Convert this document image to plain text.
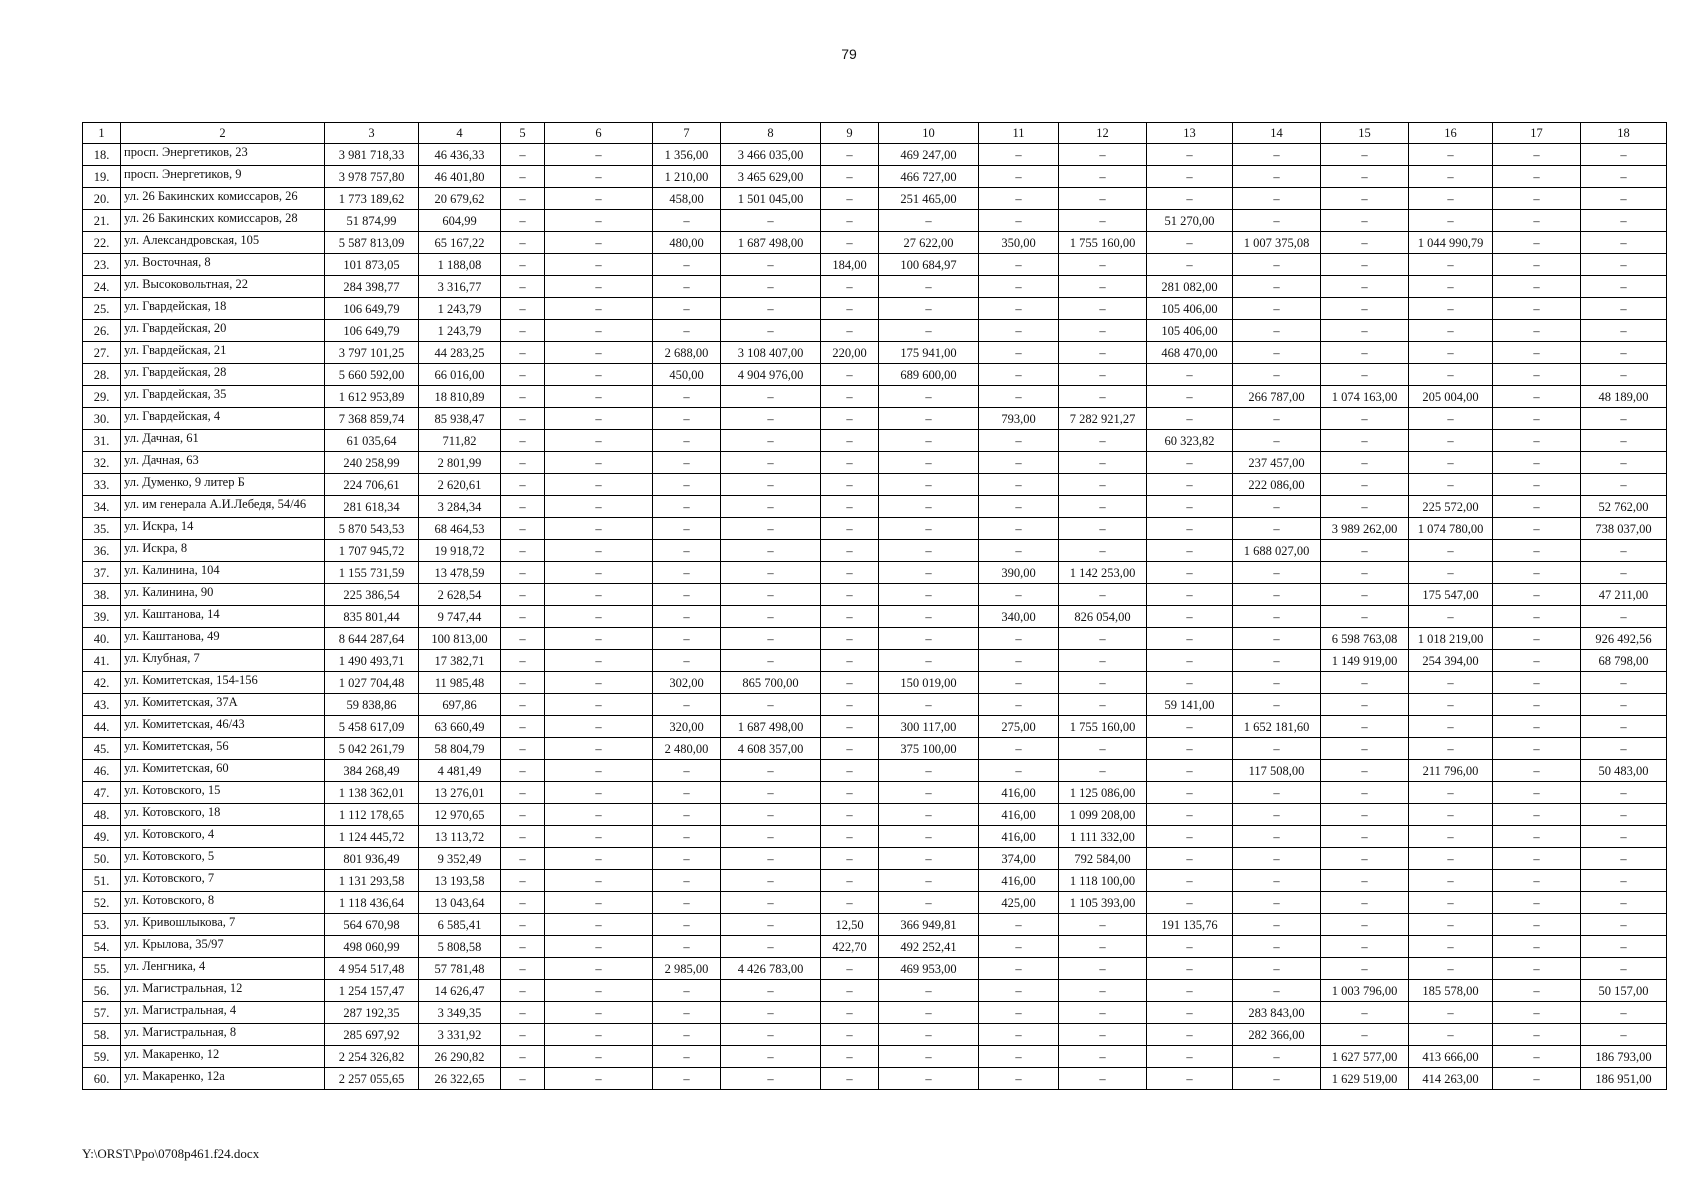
79
1	2	3	4	5	6	7	8	9	10	11	12	13	14	15	16	17	18
18.	просп. Энергетиков, 23	3 981 718,33	46 436,33	–	–	1 356,00	3 466 035,00	–	469 247,00	–	–	–	–	–	–	–	–
19.	просп. Энергетиков, 9	3 978 757,80	46 401,80	–	–	1 210,00	3 465 629,00	–	466 727,00	–	–	–	–	–	–	–	–
20.	ул. 26 Бакинских комиссаров, 26	1 773 189,62	20 679,62	–	–	458,00	1 501 045,00	–	251 465,00	–	–	–	–	–	–	–	–
21.	ул. 26 Бакинских комиссаров, 28	51 874,99	604,99	–	–	–	–	–	–	–	–	51 270,00	–	–	–	–	–
22.	ул. Александровская, 105	5 587 813,09	65 167,22	–	–	480,00	1 687 498,00	–	27 622,00	350,00	1 755 160,00	–	1 007 375,08	–	1 044 990,79	–	–
23.	ул. Восточная, 8	101 873,05	1 188,08	–	–	–	–	184,00	100 684,97	–	–	–	–	–	–	–	–
24.	ул. Высоковольтная, 22	284 398,77	3 316,77	–	–	–	–	–	–	–	–	281 082,00	–	–	–	–	–
25.	ул. Гвардейская, 18	106 649,79	1 243,79	–	–	–	–	–	–	–	–	105 406,00	–	–	–	–	–
26.	ул. Гвардейская, 20	106 649,79	1 243,79	–	–	–	–	–	–	–	–	105 406,00	–	–	–	–	–
27.	ул. Гвардейская, 21	3 797 101,25	44 283,25	–	–	2 688,00	3 108 407,00	220,00	175 941,00	–	–	468 470,00	–	–	–	–	–
28.	ул. Гвардейская, 28	5 660 592,00	66 016,00	–	–	450,00	4 904 976,00	–	689 600,00	–	–	–	–	–	–	–	–
29.	ул. Гвардейская, 35	1 612 953,89	18 810,89	–	–	–	–	–	–	–	–	–	266 787,00	1 074 163,00	205 004,00	–	48 189,00
30.	ул. Гвардейская, 4	7 368 859,74	85 938,47	–	–	–	–	–	–	793,00	7 282 921,27	–	–	–	–	–	–
31.	ул. Дачная, 61	61 035,64	711,82	–	–	–	–	–	–	–	–	60 323,82	–	–	–	–	–
32.	ул. Дачная, 63	240 258,99	2 801,99	–	–	–	–	–	–	–	–	–	237 457,00	–	–	–	–
33.	ул. Думенко, 9 литер Б	224 706,61	2 620,61	–	–	–	–	–	–	–	–	–	222 086,00	–	–	–	–
34.	ул. им генерала А.И.Лебедя, 54/46	281 618,34	3 284,34	–	–	–	–	–	–	–	–	–	–	–	225 572,00	–	52 762,00
35.	ул. Искра, 14	5 870 543,53	68 464,53	–	–	–	–	–	–	–	–	–	–	3 989 262,00	1 074 780,00	–	738 037,00
36.	ул. Искра, 8	1 707 945,72	19 918,72	–	–	–	–	–	–	–	–	–	1 688 027,00	–	–	–	–
37.	ул. Калинина, 104	1 155 731,59	13 478,59	–	–	–	–	–	–	390,00	1 142 253,00	–	–	–	–	–	–
38.	ул. Калинина, 90	225 386,54	2 628,54	–	–	–	–	–	–	–	–	–	–	–	175 547,00	–	47 211,00
39.	ул. Каштанова, 14	835 801,44	9 747,44	–	–	–	–	–	–	340,00	826 054,00	–	–	–	–	–	–
40.	ул. Каштанова, 49	8 644 287,64	100 813,00	–	–	–	–	–	–	–	–	–	–	6 598 763,08	1 018 219,00	–	926 492,56
41.	ул. Клубная, 7	1 490 493,71	17 382,71	–	–	–	–	–	–	–	–	–	–	1 149 919,00	254 394,00	–	68 798,00
42.	ул. Комитетская, 154-156	1 027 704,48	11 985,48	–	–	302,00	865 700,00	–	150 019,00	–	–	–	–	–	–	–	–
43.	ул. Комитетская, 37А	59 838,86	697,86	–	–	–	–	–	–	–	–	59 141,00	–	–	–	–	–
44.	ул. Комитетская, 46/43	5 458 617,09	63 660,49	–	–	320,00	1 687 498,00	–	300 117,00	275,00	1 755 160,00	–	1 652 181,60	–	–	–	–
45.	ул. Комитетская, 56	5 042 261,79	58 804,79	–	–	2 480,00	4 608 357,00	–	375 100,00	–	–	–	–	–	–	–	–
46.	ул. Комитетская, 60	384 268,49	4 481,49	–	–	–	–	–	–	–	–	–	117 508,00	–	211 796,00	–	50 483,00
47.	ул. Котовского, 15	1 138 362,01	13 276,01	–	–	–	–	–	–	416,00	1 125 086,00	–	–	–	–	–	–
48.	ул. Котовского, 18	1 112 178,65	12 970,65	–	–	–	–	–	–	416,00	1 099 208,00	–	–	–	–	–	–
49.	ул. Котовского, 4	1 124 445,72	13 113,72	–	–	–	–	–	–	416,00	1 111 332,00	–	–	–	–	–	–
50.	ул. Котовского, 5	801 936,49	9 352,49	–	–	–	–	–	–	374,00	792 584,00	–	–	–	–	–	–
51.	ул. Котовского, 7	1 131 293,58	13 193,58	–	–	–	–	–	–	416,00	1 118 100,00	–	–	–	–	–	–
52.	ул. Котовского, 8	1 118 436,64	13 043,64	–	–	–	–	–	–	425,00	1 105 393,00	–	–	–	–	–	–
53.	ул. Кривошлыкова, 7	564 670,98	6 585,41	–	–	–	–	12,50	366 949,81	–	–	191 135,76	–	–	–	–	–
54.	ул. Крылова, 35/97	498 060,99	5 808,58	–	–	–	–	422,70	492 252,41	–	–	–	–	–	–	–	–
55.	ул. Ленгника, 4	4 954 517,48	57 781,48	–	–	2 985,00	4 426 783,00	–	469 953,00	–	–	–	–	–	–	–	–
56.	ул. Магистральная, 12	1 254 157,47	14 626,47	–	–	–	–	–	–	–	–	–	–	1 003 796,00	185 578,00	–	50 157,00
57.	ул. Магистральная, 4	287 192,35	3 349,35	–	–	–	–	–	–	–	–	–	283 843,00	–	–	–	–
58.	ул. Магистральная, 8	285 697,92	3 331,92	–	–	–	–	–	–	–	–	–	282 366,00	–	–	–	–
59.	ул. Макаренко, 12	2 254 326,82	26 290,82	–	–	–	–	–	–	–	–	–	–	1 627 577,00	413 666,00	–	186 793,00
60.	ул. Макаренко, 12а	2 257 055,65	26 322,65	–	–	–	–	–	–	–	–	–	–	1 629 519,00	414 263,00	–	186 951,00
Y:\ORST\Ppo\0708p461.f24.docx
